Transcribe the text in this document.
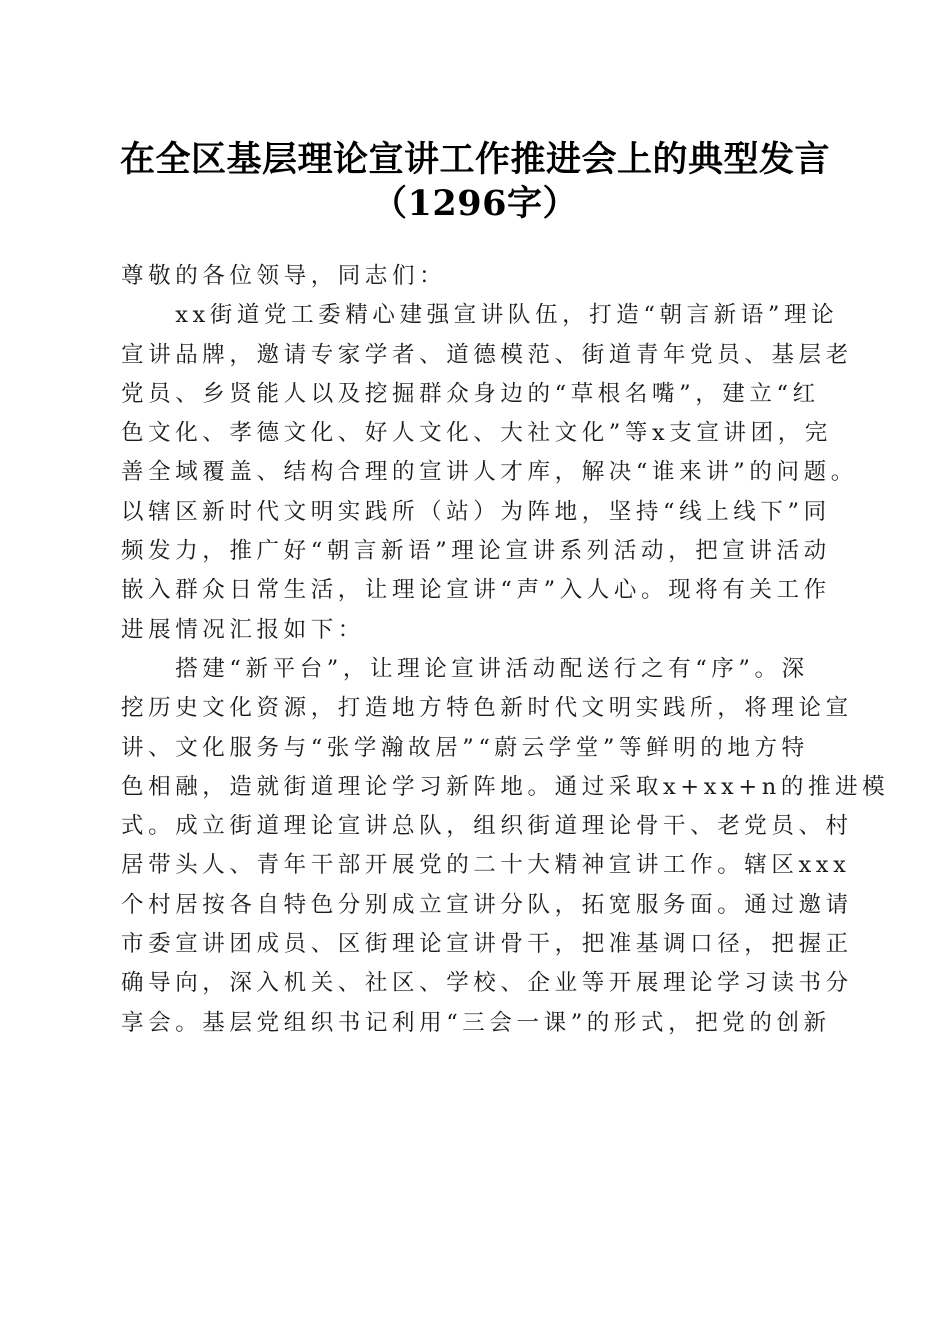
在全区基层理论宣讲工作推进会上的典型发言
（1296字）
尊敬的各位领导，同志们：
　　xx街道党工委精心建强宣讲队伍，打造“朝言新语”理论
宣讲品牌，邀请专家学者、道德模范、街道青年党员、基层老
党员、乡贤能人以及挖掘群众身边的“草根名嘴”，建立“红
色文化、孝德文化、好人文化、大社文化”等x支宣讲团，完
善全域覆盖、结构合理的宣讲人才库，解决“谁来讲”的问题。
以辖区新时代文明实践所（站）为阵地，坚持“线上线下”同
频发力，推广好“朝言新语”理论宣讲系列活动，把宣讲活动
嵌入群众日常生活，让理论宣讲“声”入人心。现将有关工作
进展情况汇报如下：
　　搭建“新平台”，让理论宣讲活动配送行之有“序”。深
挖历史文化资源，打造地方特色新时代文明实践所，将理论宣
讲、文化服务与“张学瀚故居”“蔚云学堂”等鲜明的地方特
色相融，造就街道理论学习新阵地。通过采取x+xx+n的推进模
式。成立街道理论宣讲总队，组织街道理论骨干、老党员、村
居带头人、青年干部开展党的二十大精神宣讲工作。辖区xxx
个村居按各自特色分别成立宣讲分队，拓宽服务面。通过邀请
市委宣讲团成员、区街理论宣讲骨干，把准基调口径，把握正
确导向，深入机关、社区、学校、企业等开展理论学习读书分
享会。基层党组织书记利用“三会一课”的形式，把党的创新
